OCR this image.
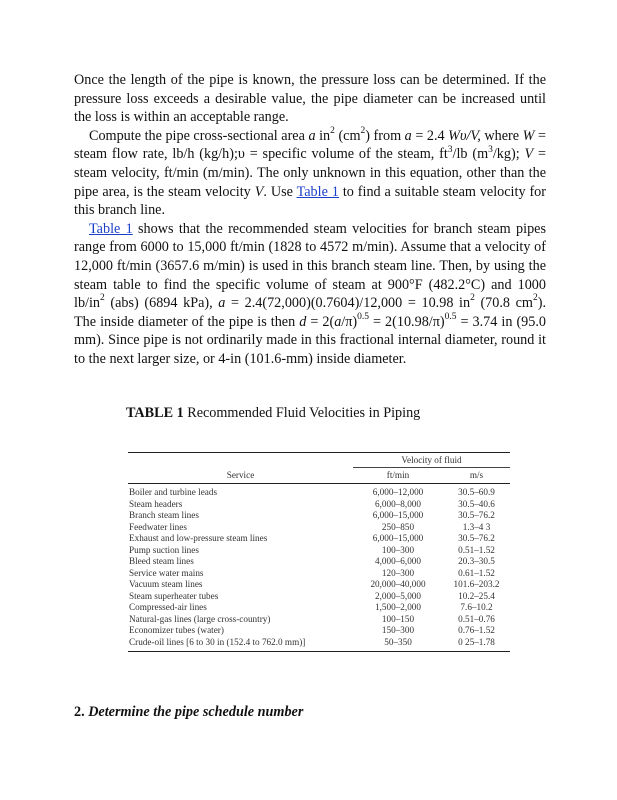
Once the length of the pipe is known, the pressure loss can be determined. If the pressure loss exceeds a desirable value, the pipe diameter can be increased until the loss is within an acceptable range.

Compute the pipe cross-sectional area a $in^2$ $(cm^2)$ from a = 2.4 Wυ/V, where W = steam flow rate, lb/h (kg/h);υ = specific volume of the steam, $ft^3/lb$ $(m^3/kg)$; V = steam velocity, ft/min (m/min). The only unknown in this equation, other than the pipe area, is the steam velocity V. Use Table 1 to find a suitable steam velocity for this branch line.

Table 1 shows that the recommended steam velocities for branch steam pipes range from 6000 to 15,000 ft/min (1828 to 4572 m/min). Assume that a velocity of 12,000 ft/min (3657.6 m/min) is used in this branch steam line. Then, by using the steam table to find the specific volume of steam at 900°F (482.2°C) and 1000 $lb/in^2$ (abs) (6894 kPa), a = 2.4(72,000)(0.7604)/12,000 = 10.98 $in^2$ (70.8 $cm^2$). The inside diameter of the pipe is then $d = 2(a/\pi)^{0.5} = 2(10.98/\pi)^{0.5} = 3.74$ in (95.0 mm). Since pipe is not ordinarily made in this fractional internal diameter, round it to the next larger size, or 4-in (101.6-mm) inside diameter.

TABLE 1 Recommended Fluid Velocities in Piping
Velocity of fluid
Service	ft/min	m/s
Boiler and turbine leads	6,000–12,000	30.5–60.9
Steam headers	6,000–8,000	30.5–40.6
Branch steam lines	6,000–15,000	30.5–76.2
Feedwater lines	250–850	1.3–4 3
Exhaust and low-pressure steam lines	6,000–15,000	30.5–76.2
Pump suction lines	100–300	0.51–1.52
Bleed steam lines	4,000–6,000	20.3–30.5
Service water mains	120–300	0.61–1.52
Vacuum steam lines	20,000–40,000	101.6–203.2
Steam superheater tubes	2,000–5,000	10.2–25.4
Compressed-air lines	1,500–2,000	7.6–10.2
Natural-gas lines (large cross-country)	100–150	0.51–0.76
Economizer tubes (water)	150–300	0.76–1.52
Crude-oil lines [6 to 30 in (152.4 to 762.0 mm)]	50–350	0 25–1.78
2. Determine the pipe schedule number
